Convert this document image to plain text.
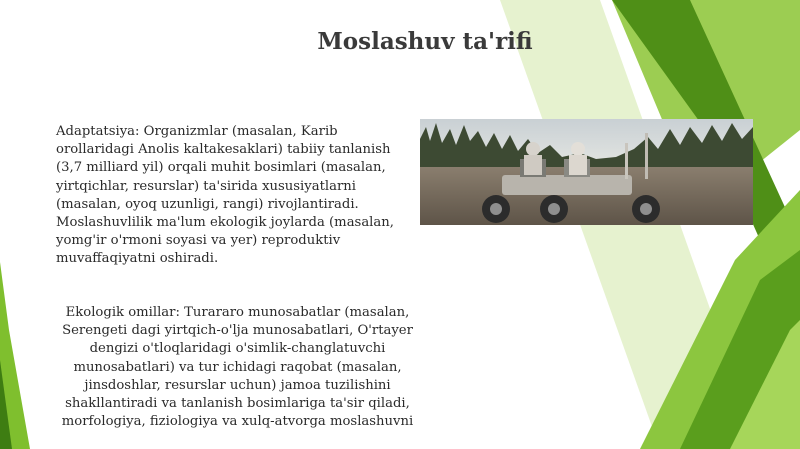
Moslashuv ta'rifi
Adaptatsiya: Organizmlar (masalan, Karib orollaridagi Anolis kaltakesaklari) tabiiy tanlanish (3,7 milliard yil) orqali muhit bosimlari (masalan, yirtqichlar, resurslar) ta'sirida xususiyatlarni (masalan, oyoq uzunligi, rangi) rivojlantiradi. Moslashuvlilik ma'lum ekologik joylarda (masalan, yomg'ir o'rmoni soyasi va yer) reproduktiv muvaffaqiyatni oshiradi.
Ekologik omillar: Turararo munosabatlar (masalan, Serengeti dagi yirtqich-o'lja munosabatlari, O'rtayer dengizi o'tloqlaridagi o'simlik-changlatuvchi munosabatlari) va tur ichidagi raqobat (masalan, jinsdoshlar, resurslar uchun) jamoa tuzilishini shakllantiradi va tanlanish bosimlariga ta'sir qiladi, morfologiya, fiziologiya va xulq-atvorga moslashuvni
